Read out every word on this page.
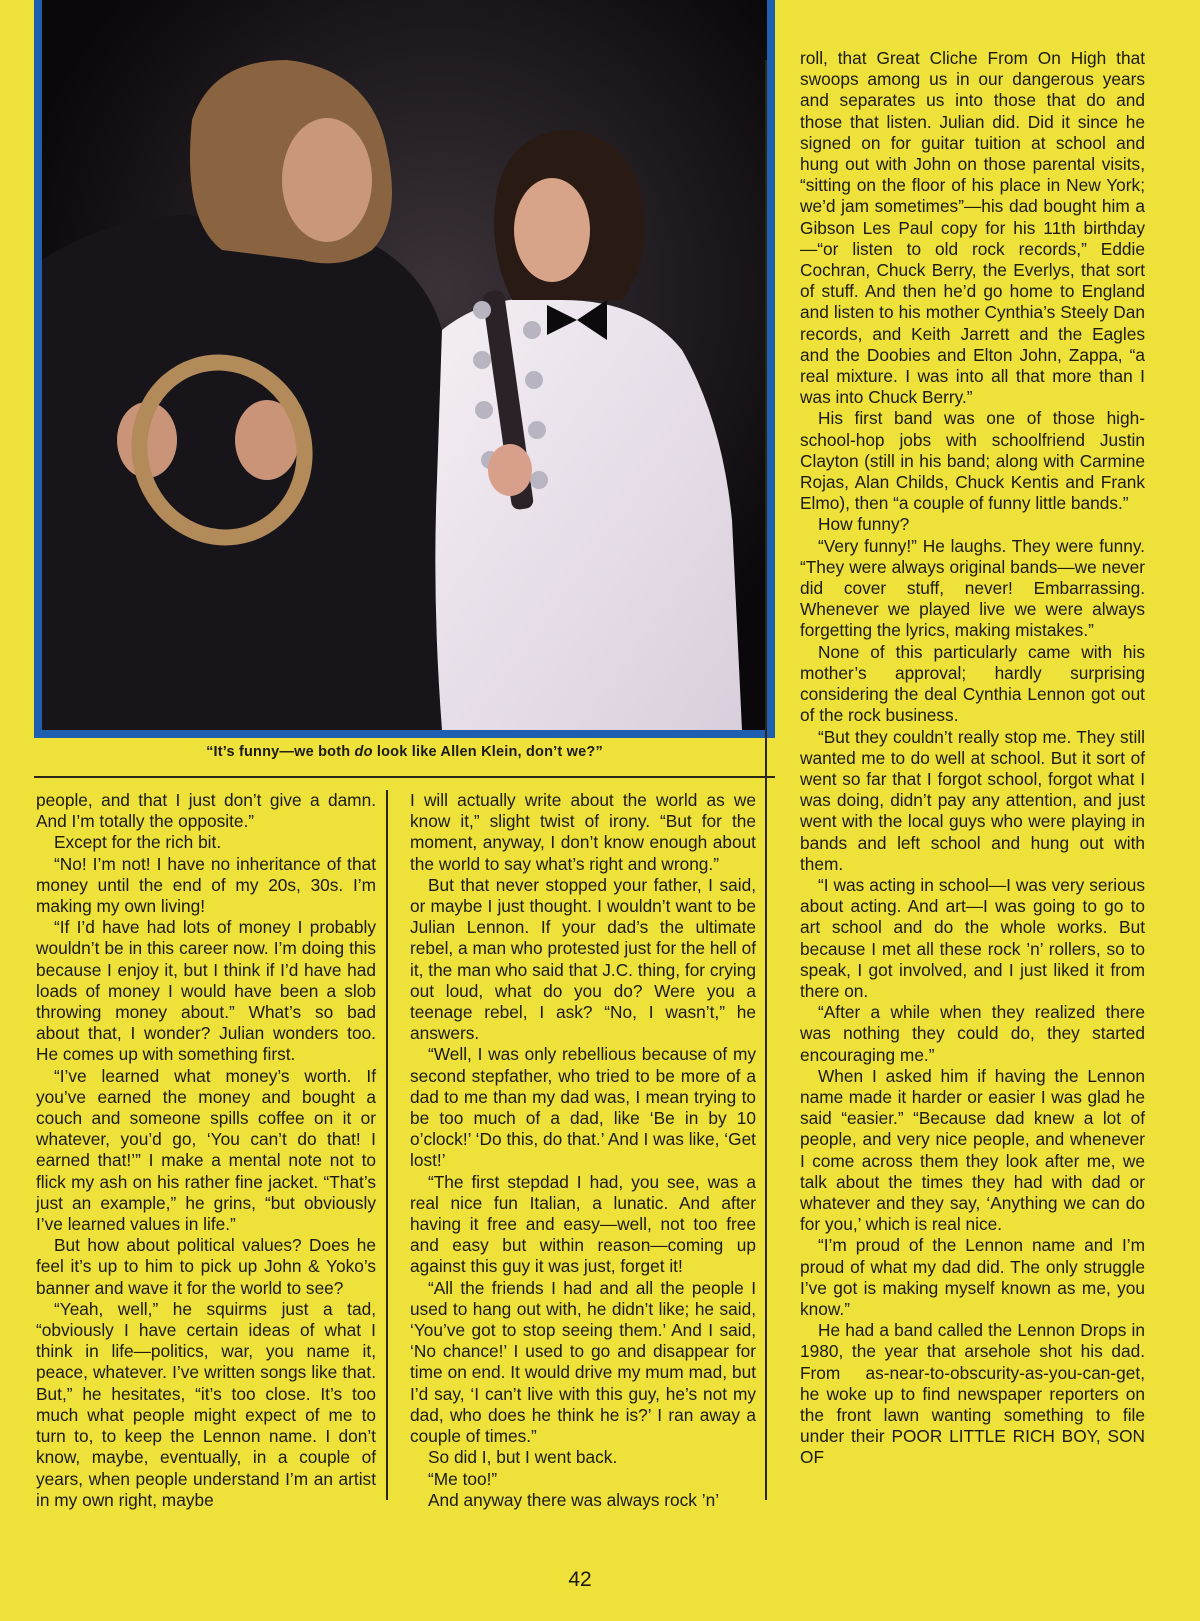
“It’s funny—we both do look like Allen Klein, don’t we?”

people, and that I just don’t give a damn. And I’m totally the opposite.”

Except for the rich bit.

“No! I’m not! I have no inheritance of that money until the end of my 20s, 30s. I’m making my own living!

“If I’d have had lots of money I probably wouldn’t be in this career now. I’m doing this because I enjoy it, but I think if I’d have had loads of money I would have been a slob throwing money about.” What’s so bad about that, I wonder? Julian wonders too. He comes up with something first.

“I’ve learned what money’s worth. If you’ve earned the money and bought a couch and someone spills coffee on it or whatever, you’d go, ‘You can’t do that! I earned that!’” I make a mental note not to flick my ash on his rather fine jacket. “That’s just an example,” he grins, “but obviously I’ve learned values in life.”

But how about political values? Does he feel it’s up to him to pick up John & Yoko’s banner and wave it for the world to see?

“Yeah, well,” he squirms just a tad, “obviously I have certain ideas of what I think in life—politics, war, you name it, peace, whatever. I’ve written songs like that. But,” he hesitates, “it’s too close. It’s too much what people might expect of me to turn to, to keep the Lennon name. I don’t know, maybe, eventually, in a couple of years, when people understand I’m an artist in my own right, maybe

I will actually write about the world as we know it,” slight twist of irony. “But for the moment, anyway, I don’t know enough about the world to say what’s right and wrong.”

But that never stopped your father, I said, or maybe I just thought. I wouldn’t want to be Julian Lennon. If your dad’s the ultimate rebel, a man who protested just for the hell of it, the man who said that J.C. thing, for crying out loud, what do you do? Were you a teenage rebel, I ask? “No, I wasn’t,” he answers.

“Well, I was only rebellious because of my second stepfather, who tried to be more of a dad to me than my dad was, I mean trying to be too much of a dad, like ‘Be in by 10 o’clock!’ ‘Do this, do that.’ And I was like, ‘Get lost!’

“The first stepdad I had, you see, was a real nice fun Italian, a lunatic. And after having it free and easy—well, not too free and easy but within reason—coming up against this guy it was just, forget it!

“All the friends I had and all the people I used to hang out with, he didn’t like; he said, ‘You’ve got to stop seeing them.’ And I said, ‘No chance!’ I used to go and disappear for time on end. It would drive my mum mad, but I’d say, ‘I can’t live with this guy, he’s not my dad, who does he think he is?’ I ran away a couple of times.”

So did I, but I went back.

“Me too!”

And anyway there was always rock ’n’

roll, that Great Cliche From On High that swoops among us in our dangerous years and separates us into those that do and those that listen. Julian did. Did it since he signed on for guitar tuition at school and hung out with John on those parental visits, “sitting on the floor of his place in New York; we’d jam sometimes”—his dad bought him a Gibson Les Paul copy for his 11th birthday—“or listen to old rock records,” Eddie Cochran, Chuck Berry, the Everlys, that sort of stuff. And then he’d go home to England and listen to his mother Cynthia’s Steely Dan records, and Keith Jarrett and the Eagles and the Doobies and Elton John, Zappa, “a real mixture. I was into all that more than I was into Chuck Berry.”

His first band was one of those high-school-hop jobs with schoolfriend Justin Clayton (still in his band; along with Carmine Rojas, Alan Childs, Chuck Kentis and Frank Elmo), then “a couple of funny little bands.”

How funny?

“Very funny!” He laughs. They were funny. “They were always original bands—we never did cover stuff, never! Embarrassing. Whenever we played live we were always forgetting the lyrics, making mistakes.”

None of this particularly came with his mother’s approval; hardly surprising considering the deal Cynthia Lennon got out of the rock business.

“But they couldn’t really stop me. They still wanted me to do well at school. But it sort of went so far that I forgot school, forgot what I was doing, didn’t pay any attention, and just went with the local guys who were playing in bands and left school and hung out with them.

“I was acting in school—I was very serious about acting. And art—I was going to go to art school and do the whole works. But because I met all these rock ’n’ rollers, so to speak, I got involved, and I just liked it from there on.

“After a while when they realized there was nothing they could do, they started encouraging me.”

When I asked him if having the Lennon name made it harder or easier I was glad he said “easier.” “Because dad knew a lot of people, and very nice people, and whenever I come across them they look after me, we talk about the times they had with dad or whatever and they say, ‘Anything we can do for you,’ which is real nice.

“I’m proud of the Lennon name and I’m proud of what my dad did. The only struggle I’ve got is making myself known as me, you know.”

He had a band called the Lennon Drops in 1980, the year that arsehole shot his dad. From as-near-to-obscurity-as-you-can-get, he woke up to find newspaper reporters on the front lawn wanting something to file under their POOR LITTLE RICH BOY, SON OF

42
